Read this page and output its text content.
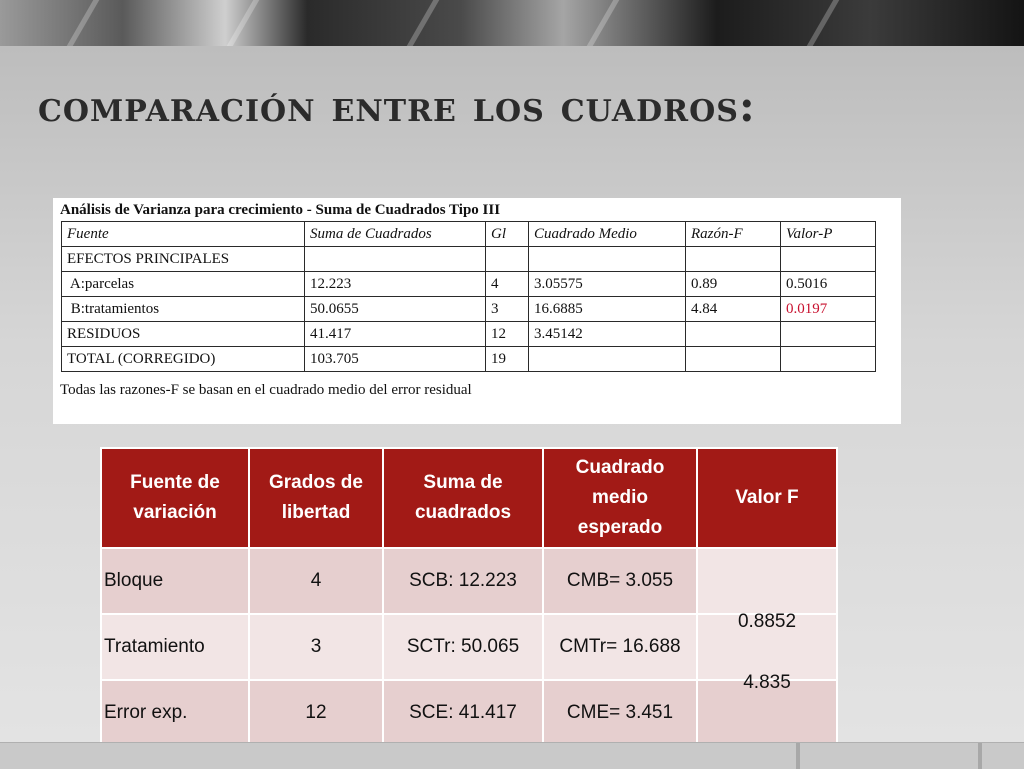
comparación entre los cuadros:
Análisis de Varianza para crecimiento - Suma de Cuadrados Tipo III
Fuente	Suma de Cuadrados	Gl	Cuadrado Medio	Razón-F	Valor-P
EFECTOS PRINCIPALES					
A:parcelas	12.223	4	3.05575	0.89	0.5016
B:tratamientos	50.0655	3	16.6885	4.84	0.0197
RESIDUOS	41.417	12	3.45142		
TOTAL (CORREGIDO)	103.705	19			
Todas las razones-F se basan en el cuadrado medio del error residual
Fuente de variación	Grados de libertad	Suma de cuadrados	Cuadrado medio esperado	Valor F
Bloque	4	SCB: 12.223	CMB= 3.055	0.8852

Tratamiento	3	SCTr: 50.065	CMTr= 16.688	4.835

Error exp.	12	SCE: 41.417	CME= 3.451	
